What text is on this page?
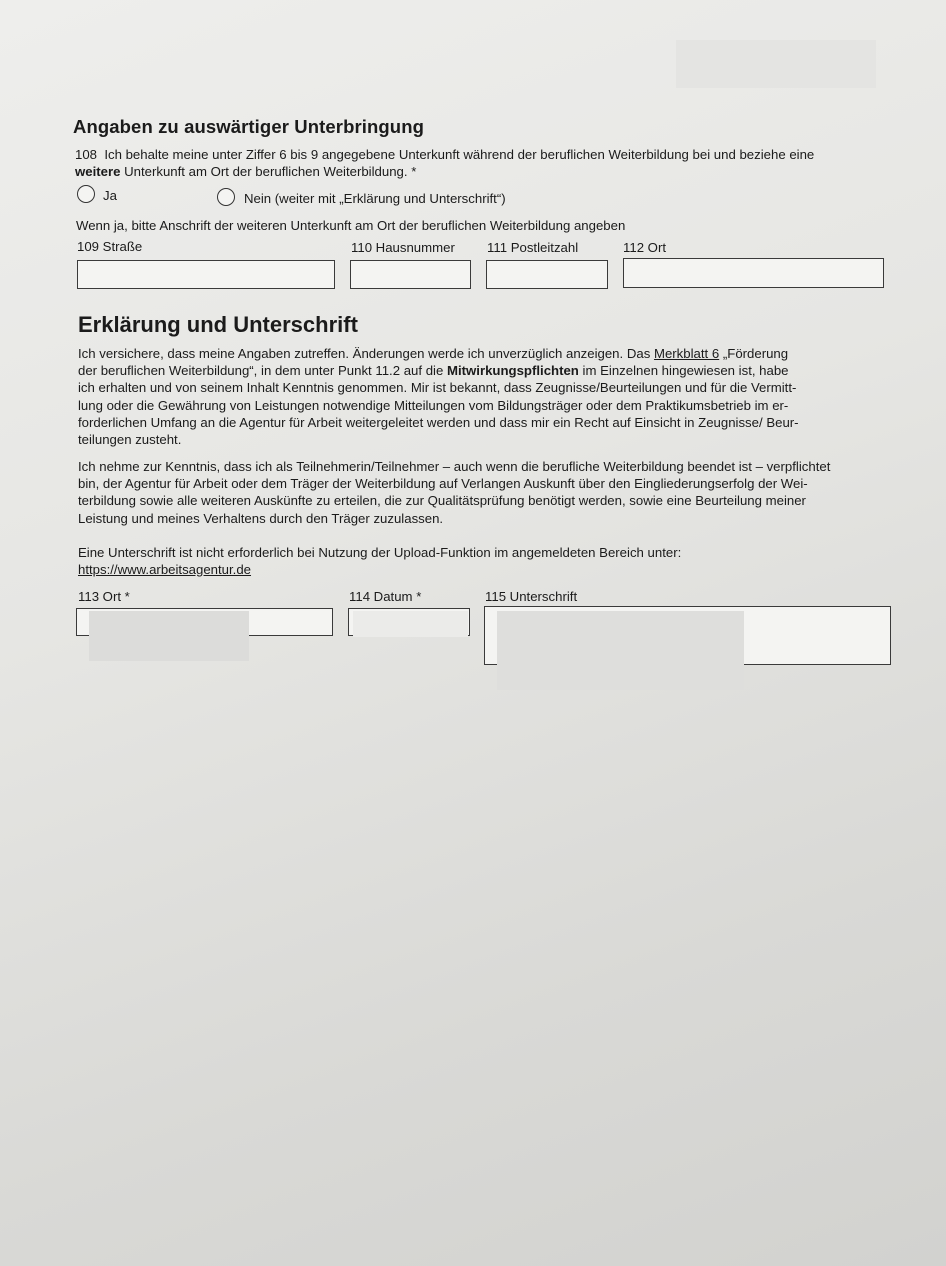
Angaben zu auswärtiger Unterbringung
108 Ich behalte meine unter Ziffer 6 bis 9 angegebene Unterkunft während der beruflichen Weiterbildung bei und beziehe eine
weitere Unterkunft am Ort der beruflichen Weiterbildung. *
Ja	Nein (weiter mit „Erklärung und Unterschrift“)
Wenn ja, bitte Anschrift der weiteren Unterkunft am Ort der beruflichen Weiterbildung angeben
109 Straße	110 Hausnummer 111 Postleitzahl	112 Ort
Erklärung und Unterschrift
Ich versichere, dass meine Angaben zutreffen. Änderungen werde ich unverzüglich anzeigen. Das Merkblatt 6 „Förderung
der beruflichen Weiterbildung“, in dem unter Punkt 11.2 auf die Mitwirkungspflichten im Einzelnen hingewiesen ist, habe
ich erhalten und von seinem Inhalt Kenntnis genommen. Mir ist bekannt, dass Zeugnisse/Beurteilungen und für die Vermitt-
lung oder die Gewährung von Leistungen notwendige Mitteilungen vom Bildungsträger oder dem Praktikumsbetrieb im er-
forderlichen Umfang an die Agentur für Arbeit weitergeleitet werden und dass mir ein Recht auf Einsicht in Zeugnisse/ Beur-
teilungen zusteht.
Ich nehme zur Kenntnis, dass ich als Teilnehmerin/Teilnehmer – auch wenn die berufliche Weiterbildung beendet ist – verpflichtet
bin, der Agentur für Arbeit oder dem Träger der Weiterbildung auf Verlangen Auskunft über den Eingliederungserfolg der Wei-
terbildung sowie alle weiteren Auskünfte zu erteilen, die zur Qualitätsprüfung benötigt werden, sowie eine Beurteilung meiner
Leistung und meines Verhaltens durch den Träger zuzulassen.
Eine Unterschrift ist nicht erforderlich bei Nutzung der Upload-Funktion im angemeldeten Bereich unter:
https://www.arbeitsagentur.de
113 Ort *	114 Datum *	115 Unterschrift
